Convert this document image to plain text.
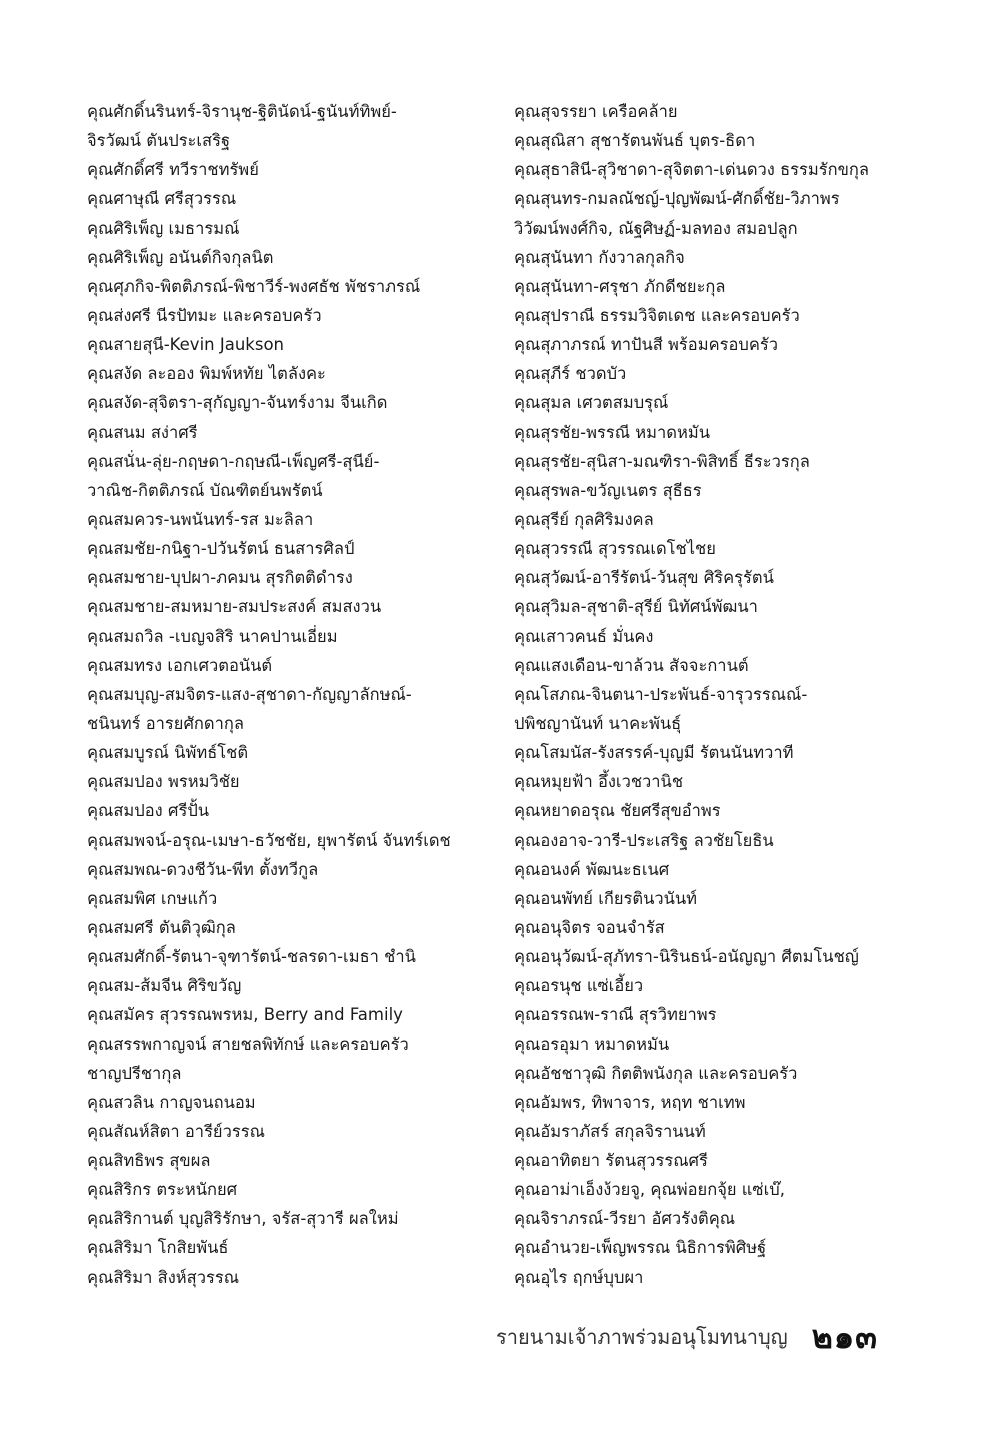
คุณศักดิ์นรินทร์-จิรานุช-ฐิตินัดน์-ฐนันท์ทิพย์-
จิรวัฒน์ ตันประเสริฐ
คุณศักดิ์ศรี ทวีราชทรัพย์
คุณศาษุณี ศรีสุวรรณ
คุณศิริเพ็ญ เมธารมณ์
คุณศิริเพ็ญ อนันต์กิจกุลนิต
คุณศุภกิจ-พิตติภรณ์-พิชาวีร์-พงศธัช พัชราภรณ์
คุณส่งศรี นีรปัทมะ และครอบครัว
คุณสายสุนี-Kevin Jaukson
คุณสงัด ละออง พิมพ์หทัย ไตลังคะ
คุณสงัด-สุจิตรา-สุกัญญา-จันทร์งาม จีนเกิด
คุณสนม สง่าศรี
คุณสนั่น-ลุ่ย-กฤษดา-กฤษณี-เพ็ญศรี-สุนีย์-
วาณิช-กิตติภรณ์ บัณฑิตย์นพรัตน์
คุณสมควร-นพนันทร์-รส มะลิลา
คุณสมชัย-กนิฐา-ปวันรัตน์ ธนสารศิลป์
คุณสมชาย-บุปผา-ภคมน สุรกิตติดำรง
คุณสมชาย-สมหมาย-สมประสงค์ สมสงวน
คุณสมถวิล -เบญจสิริ นาคปานเอี่ยม
คุณสมทรง เอกเศวตอนันต์
คุณสมบุญ-สมจิตร-แสง-สุชาดา-กัญญาลักษณ์-
ชนินทร์ อารยศักดากุล
คุณสมบูรณ์ นิพัทธ์โชติ
คุณสมปอง พรหมวิชัย
คุณสมปอง ศรีปั้น
คุณสมพจน์-อรุณ-เมษา-ธวัชชัย, ยุพารัตน์ จันทร์เดช
คุณสมพณ-ดวงชีวัน-พีท ตั้งทวีกูล
คุณสมพิศ เกษแก้ว
คุณสมศรี ตันติวุฒิกุล
คุณสมศักดิ์-รัตนา-จุฑารัตน์-ชลรดา-เมธา ชำนิ
คุณสม-ส้มจีน ศิริขวัญ
คุณสมัคร สุวรรณพรหม, Berry and Family
คุณสรรพกาญจน์ สายชลพิทักษ์ และครอบครัว
ชาญปรีชากุล
คุณสวลิน กาญจนถนอม
คุณสัณห์สิตา อารีย์วรรณ
คุณสิทธิพร สุขผล
คุณสิริกร ตระหนักยศ
คุณสิริกานต์ บุญสิริรักษา, จรัส-สุวารี ผลใหม่
คุณสิริมา โกสิยพันธ์
คุณสิริมา สิงห์สุวรรณ
คุณสุจรรยา เครือคล้าย
คุณสุณิสา สุชารัตนพันธ์ บุตร-ธิดา
คุณสุธาสินี-สุวิชาดา-สุจิตตา-เด่นดวง ธรรมรักขกุล
คุณสุนทร-กมลณัชญ์-ปุญพัฒน์-ศักดิ์ชัย-วิภาพร
วิวัฒน์พงศ์กิจ, ณัฐศิษฏ์-มลทอง สมอปลูก
คุณสุนันทา กังวาลกุลกิจ
คุณสุนันทา-ศรุชา ภักดีชยะกุล
คุณสุปราณี ธรรมวิจิตเดช และครอบครัว
คุณสุภาภรณ์ ทาปันสี พร้อมครอบครัว
คุณสุภีร์ ชวดบัว
คุณสุมล เศวตสมบรุณ์
คุณสุรชัย-พรรณี หมาดหมัน
คุณสุรชัย-สุนิสา-มณฑิรา-พิสิทธิ์ ธีระวรกุล
คุณสุรพล-ขวัญเนตร สุธีธร
คุณสุรีย์ กุลศิริมงคล
คุณสุวรรณี สุวรรณเดโชไชย
คุณสุวัฒน์-อารีรัตน์-วันสุข ศิริครุรัตน์
คุณสุวิมล-สุชาติ-สุรีย์ นิทัศน์พัฒนา
คุณเสาวคนธ์ มั่นคง
คุณแสงเดือน-ขาล้วน สัจจะกานต์
คุณโสภณ-จินตนา-ประพันธ์-จารุวรรณณ์-
ปพิชญานันท์ นาคะพันธุ์
คุณโสมนัส-รังสรรค์-บุญมี รัตนนันทวาที
คุณหมุยฟ้า อึ้งเวชวานิช
คุณหยาดอรุณ ชัยศรีสุขอำพร
คุณองอาจ-วารี-ประเสริฐ ลวชัยโยธิน
คุณอนงค์ พัฒนะธเนศ
คุณอนพัทย์ เกียรตินวนันท์
คุณอนุจิตร จอนจำรัส
คุณอนุวัฒน์-สุภัทรา-นิรินธน์-อนัญญา ศีตมโนชญ์
คุณอรนุช แซ่เอี้ยว
คุณอรรณพ-ราณี สุรวิทยาพร
คุณอรอุมา หมาดหมัน
คุณอัชชาวุฒิ กิตติพนังกุล และครอบครัว
คุณอัมพร, ทิพาจาร, หฤท ชาเทพ
คุณอัมราภัสร์ สกุลจิรานนท์
คุณอาทิตยา รัตนสุวรรณศรี
คุณอาม่าเอ็งง้วยจู, คุณพ่อยกจุ้ย แซ่เบ๊,
คุณจิราภรณ์-วีรยา อัศวรังติคุณ
คุณอำนวย-เพ็ญพรรณ นิธิการพิศิษฐ์
คุณอุไร ฤกษ์บุบผา
รายนามเจ้าภาพร่วมอนุโมทนาบุญ ๒๑๓
